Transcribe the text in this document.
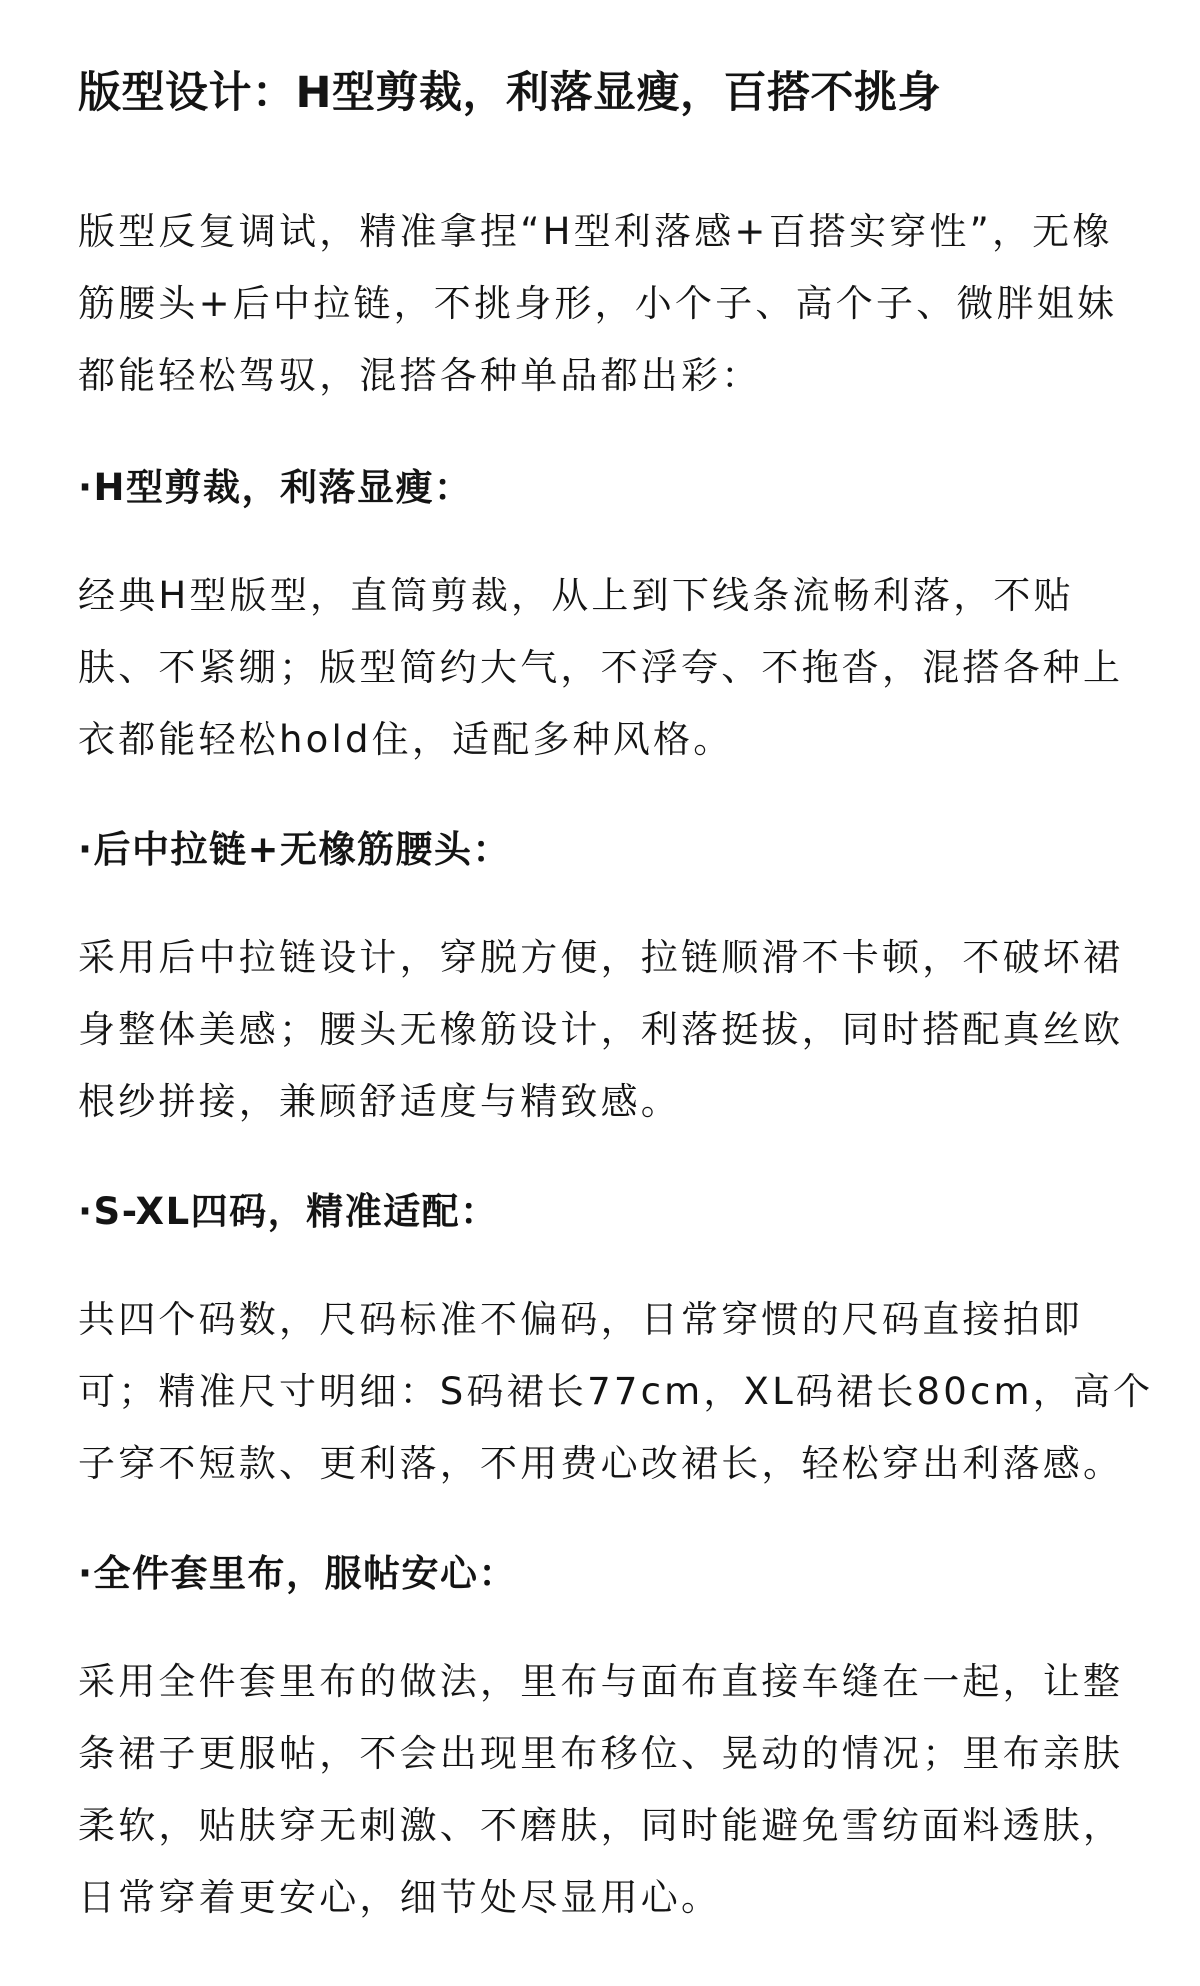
版型设计：H型剪裁，利落显瘦，百搭不挑身
版型反复调试，精准拿捏“H型利落感+百搭实穿性”，无橡
筋腰头+后中拉链，不挑身形，小个子、高个子、微胖姐妹
都能轻松驾驭，混搭各种单品都出彩：
·H型剪裁，利落显瘦：
经典H型版型，直筒剪裁，从上到下线条流畅利落，不贴
肤、不紧绷；版型简约大气，不浮夸、不拖沓，混搭各种上
衣都能轻松hold住，适配多种风格。
·后中拉链+无橡筋腰头：
采用后中拉链设计，穿脱方便，拉链顺滑不卡顿，不破坏裙
身整体美感；腰头无橡筋设计，利落挺拔，同时搭配真丝欧
根纱拼接，兼顾舒适度与精致感。
·S-XL四码，精准适配：
共四个码数，尺码标准不偏码，日常穿惯的尺码直接拍即
可；精准尺寸明细：S码裙长77cm，XL码裙长80cm，高个
子穿不短款、更利落，不用费心改裙长，轻松穿出利落感。
·全件套里布，服帖安心：
采用全件套里布的做法，里布与面布直接车缝在一起，让整
条裙子更服帖，不会出现里布移位、晃动的情况；里布亲肤
柔软，贴肤穿无刺激、不磨肤，同时能避免雪纺面料透肤，
日常穿着更安心，细节处尽显用心。
